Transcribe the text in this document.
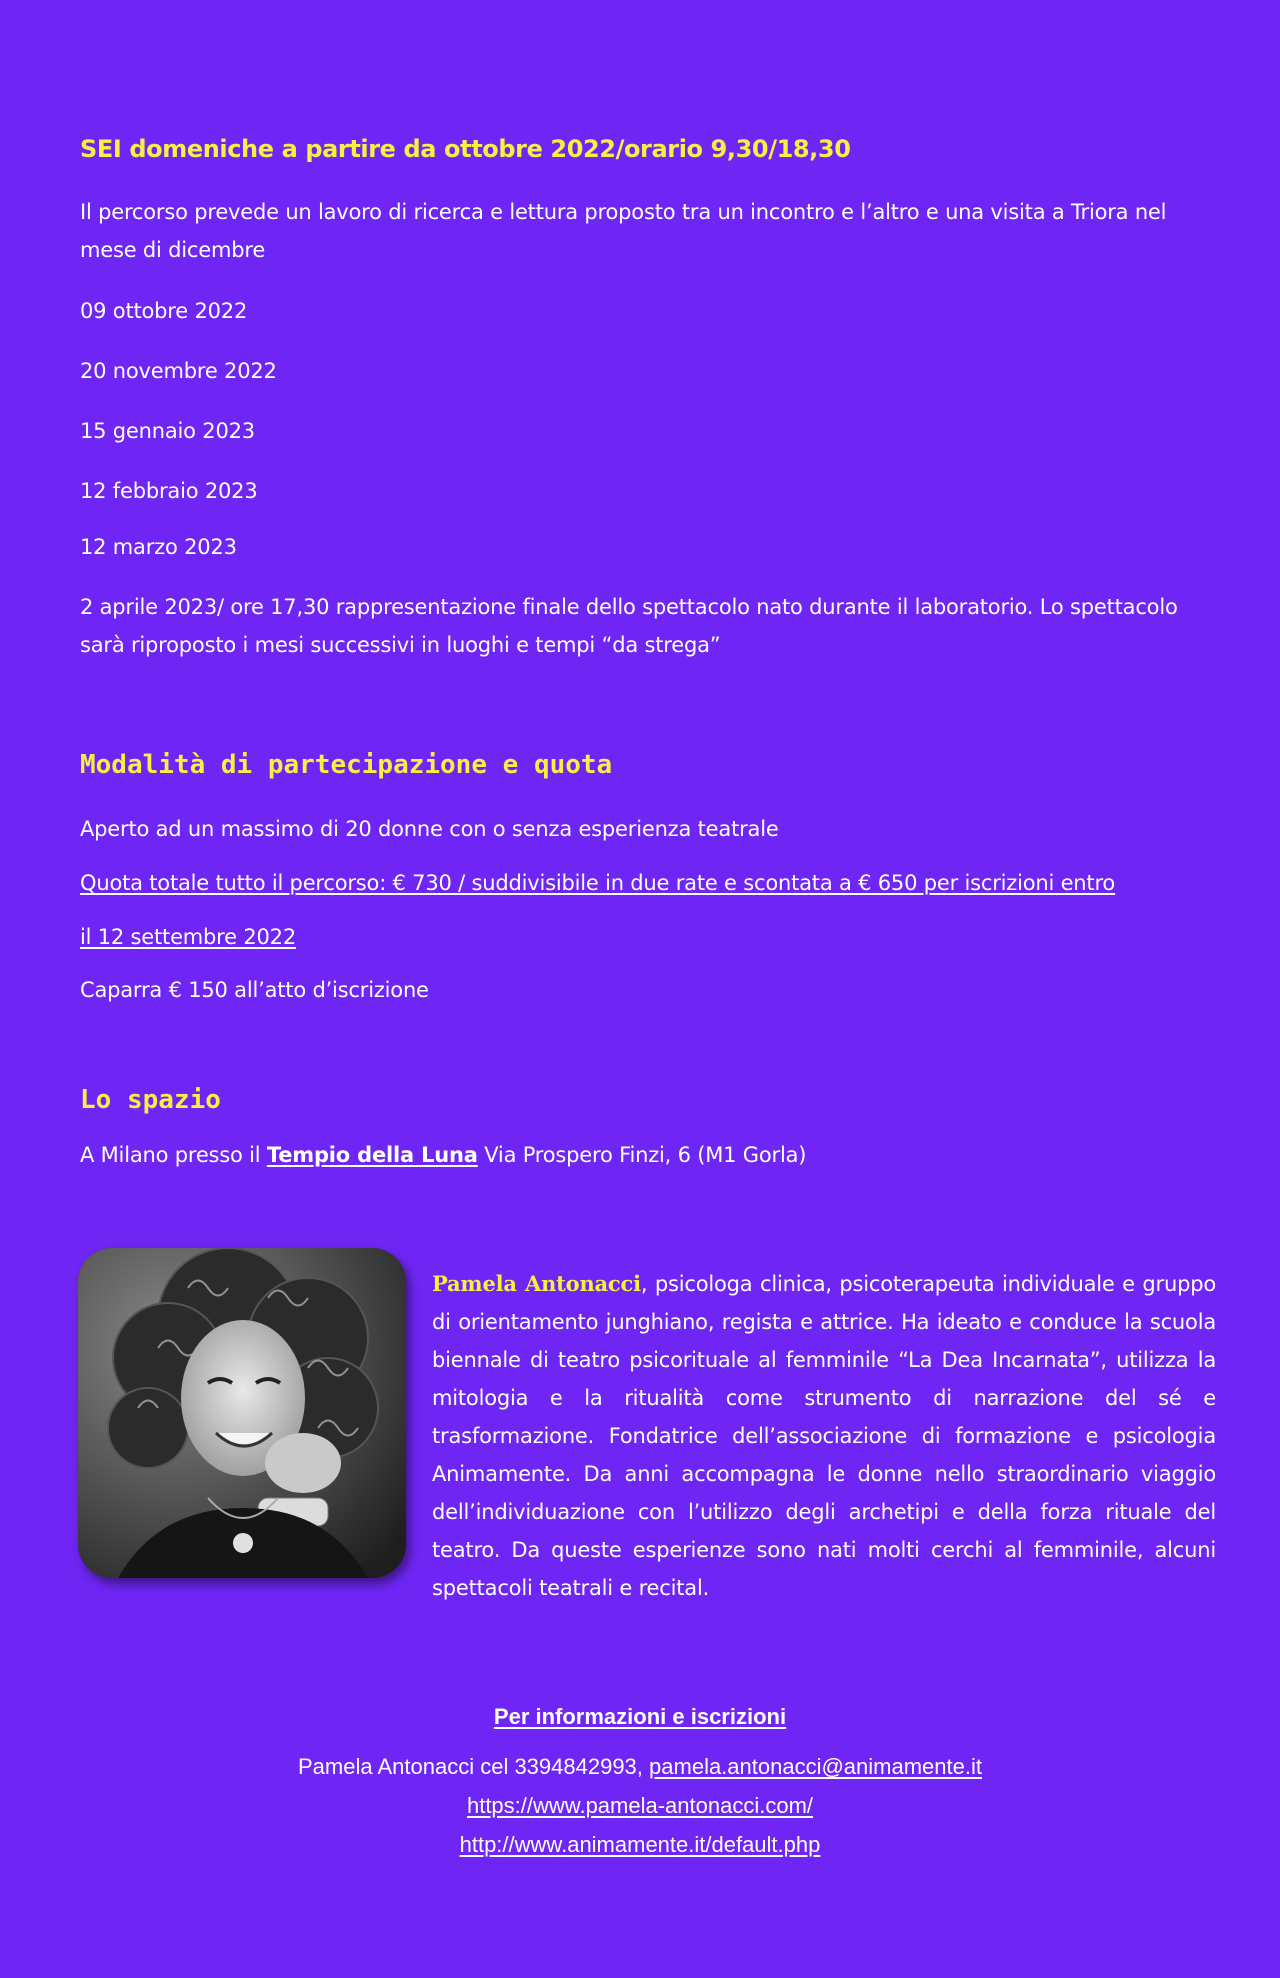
SEI domeniche a partire da ottobre 2022/orario 9,30/18,30

Il percorso prevede un lavoro di ricerca e lettura proposto tra un incontro e l’altro e una visita a Triora nel mese di dicembre

09 ottobre 2022

20 novembre 2022

15 gennaio 2023

12 febbraio 2023

12 marzo 2023

2 aprile 2023/ ore 17,30 rappresentazione finale dello spettacolo nato durante il laboratorio. Lo spettacolo sarà riproposto i mesi successivi in luoghi e tempi “da strega”

Modalità di partecipazione e quota

Aperto ad un massimo di 20 donne con o senza esperienza teatrale

Quota totale tutto il percorso: € 730 / suddivisibile in due rate e scontata a € 650 per iscrizioni entro

il 12 settembre 2022

Caparra € 150 all’atto d’iscrizione

Lo spazio

A Milano presso il Tempio della Luna Via Prospero Finzi, 6 (M1 Gorla)

Pamela Antonacci, psicologa clinica, psicoterapeuta individuale e gruppo di orientamento junghiano, regista e attrice. Ha ideato e conduce la scuola biennale di teatro psicorituale al femminile “La Dea Incarnata”, utilizza la mitologia e la ritualità come strumento di narrazione del sé e trasformazione. Fondatrice dell’associazione di formazione e psicologia Animamente. Da anni accompagna le donne nello straordinario viaggio dell’individuazione con l’utilizzo degli archetipi e della forza rituale del teatro. Da queste esperienze sono nati molti cerchi al femminile, alcuni spettacoli teatrali e recital.

Per informazioni e iscrizioni
Pamela Antonacci cel 3394842993, pamela.antonacci@animamente.it
https://www.pamela-antonacci.com/
http://www.animamente.it/default.php
